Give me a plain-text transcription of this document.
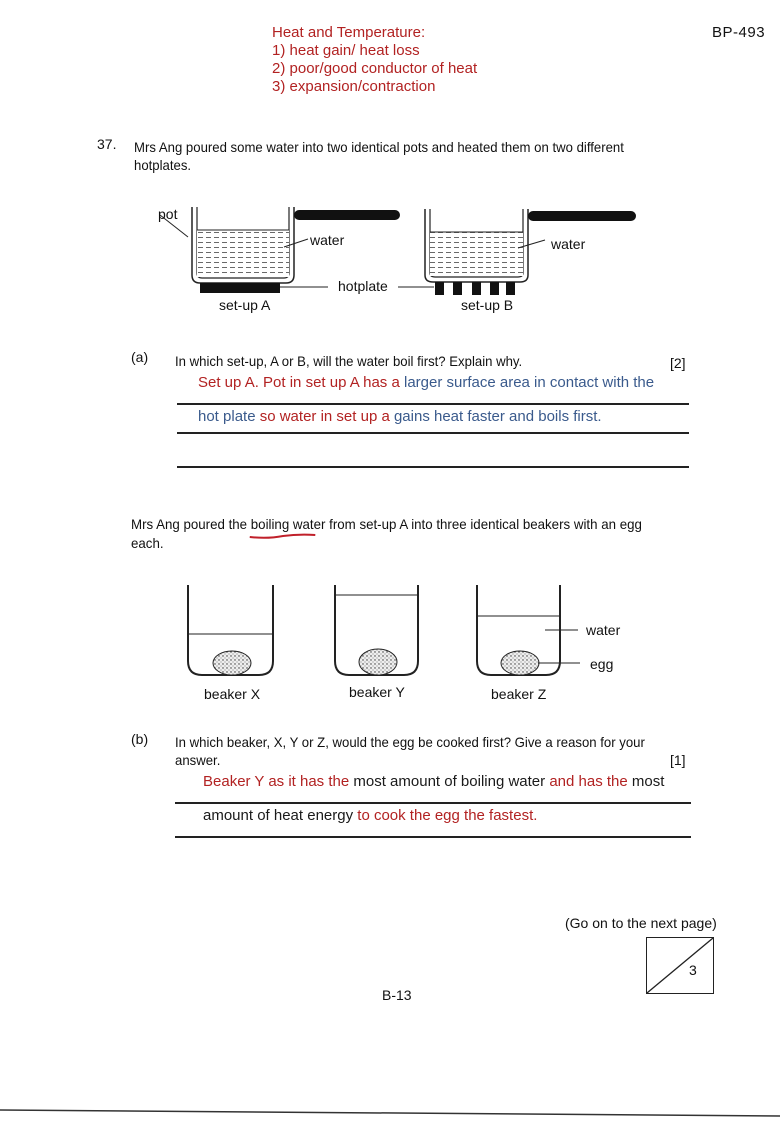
Heat and Temperature:
1) heat gain/ heat loss
2) poor/good conductor of heat
3) expansion/contraction
BP-493
37. Mrs Ang poured some water into two identical pots and heated them on two different
hotplates.
pot
water
hotplate
water
set-up A	set-up B
(a) In which set-up, A or B, will the water boil first? Explain why.	[2]
Set up A. Pot in set up A has a larger surface area in contact with the
hot plate so water in set up a gains heat faster and boils first.
Mrs Ang poured the boiling water
from set-up A into three identical beakers with an egg
each.
water
egg
beaker X	beaker Y	beaker Z
(b) In which beaker, X, Y or Z, would the egg be cooked first? Give a reason for your
answer.	[1]
Beaker Y as it has the most amount of boiling water and has the most
amount of heat energy to cook the egg the fastest.
(Go on to the next page)
3
B-13
